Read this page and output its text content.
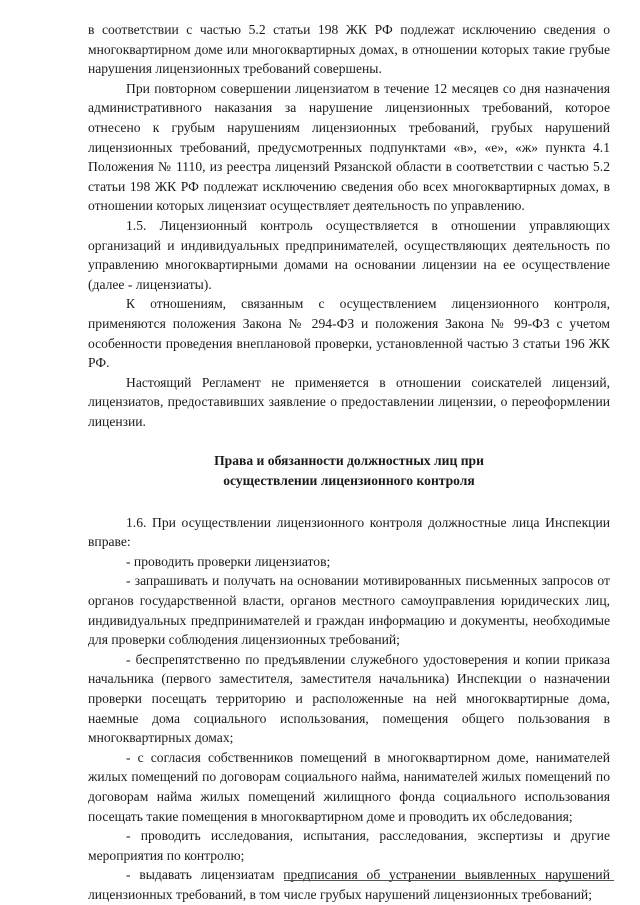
в соответствии с частью 5.2 статьи 198 ЖК РФ подлежат исключению сведения о многоквартирном доме или многоквартирных домах, в отношении которых такие грубые нарушения лицензионных требований совершены.

При повторном совершении лицензиатом в течение 12 месяцев со дня назначения административного наказания за нарушение лицензионных требований, которое отнесено к грубым нарушениям лицензионных требований, грубых нарушений лицензионных требований, предусмотренных подпунктами «в», «е», «ж» пункта 4.1 Положения № 1110, из реестра лицензий Рязанской области в соответствии с частью 5.2 статьи 198 ЖК РФ подлежат исключению сведения обо всех многоквартирных домах, в отношении которых лицензиат осуществляет деятельность по управлению.

1.5. Лицензионный контроль осуществляется в отношении управляющих организаций и индивидуальных предпринимателей, осуществляющих деятельность по управлению многоквартирными домами на основании лицензии на ее осуществление (далее - лицензиаты).

К отношениям, связанным с осуществлением лицензионного контроля, применяются положения Закона № 294-ФЗ и положения Закона № 99-ФЗ с учетом особенности проведения внеплановой проверки, установленной частью 3 статьи 196 ЖК РФ.

Настоящий Регламент не применяется в отношении соискателей лицензий, лицензиатов, предоставивших заявление о предоставлении лицензии, о переоформлении лицензии.

Права и обязанности должностных лиц при
осуществлении лицензионного контроля

1.6. При осуществлении лицензионного контроля должностные лица Инспекции вправе:

- проводить проверки лицензиатов;

- запрашивать и получать на основании мотивированных письменных запросов от органов государственной власти, органов местного самоуправления юридических лиц, индивидуальных предпринимателей и граждан информацию и документы, необходимые для проверки соблюдения лицензионных требований;

- беспрепятственно по предъявлении служебного удостоверения и копии приказа начальника (первого заместителя, заместителя начальника) Инспекции о назначении проверки посещать территорию и расположенные на ней многоквартирные дома, наемные дома социального использования, помещения общего пользования в многоквартирных домах;

- с согласия собственников помещений в многоквартирном доме, нанимателей жилых помещений по договорам социального найма, нанимателей жилых помещений по договорам найма жилых помещений жилищного фонда социального использования посещать такие помещения в многоквартирном доме и проводить их обследования;

- проводить исследования, испытания, расследования, экспертизы и другие мероприятия по контролю;

- выдавать лицензиатам предписания об устранении выявленных нарушений лицензионных требований, в том числе грубых нарушений лицензионных требований;
